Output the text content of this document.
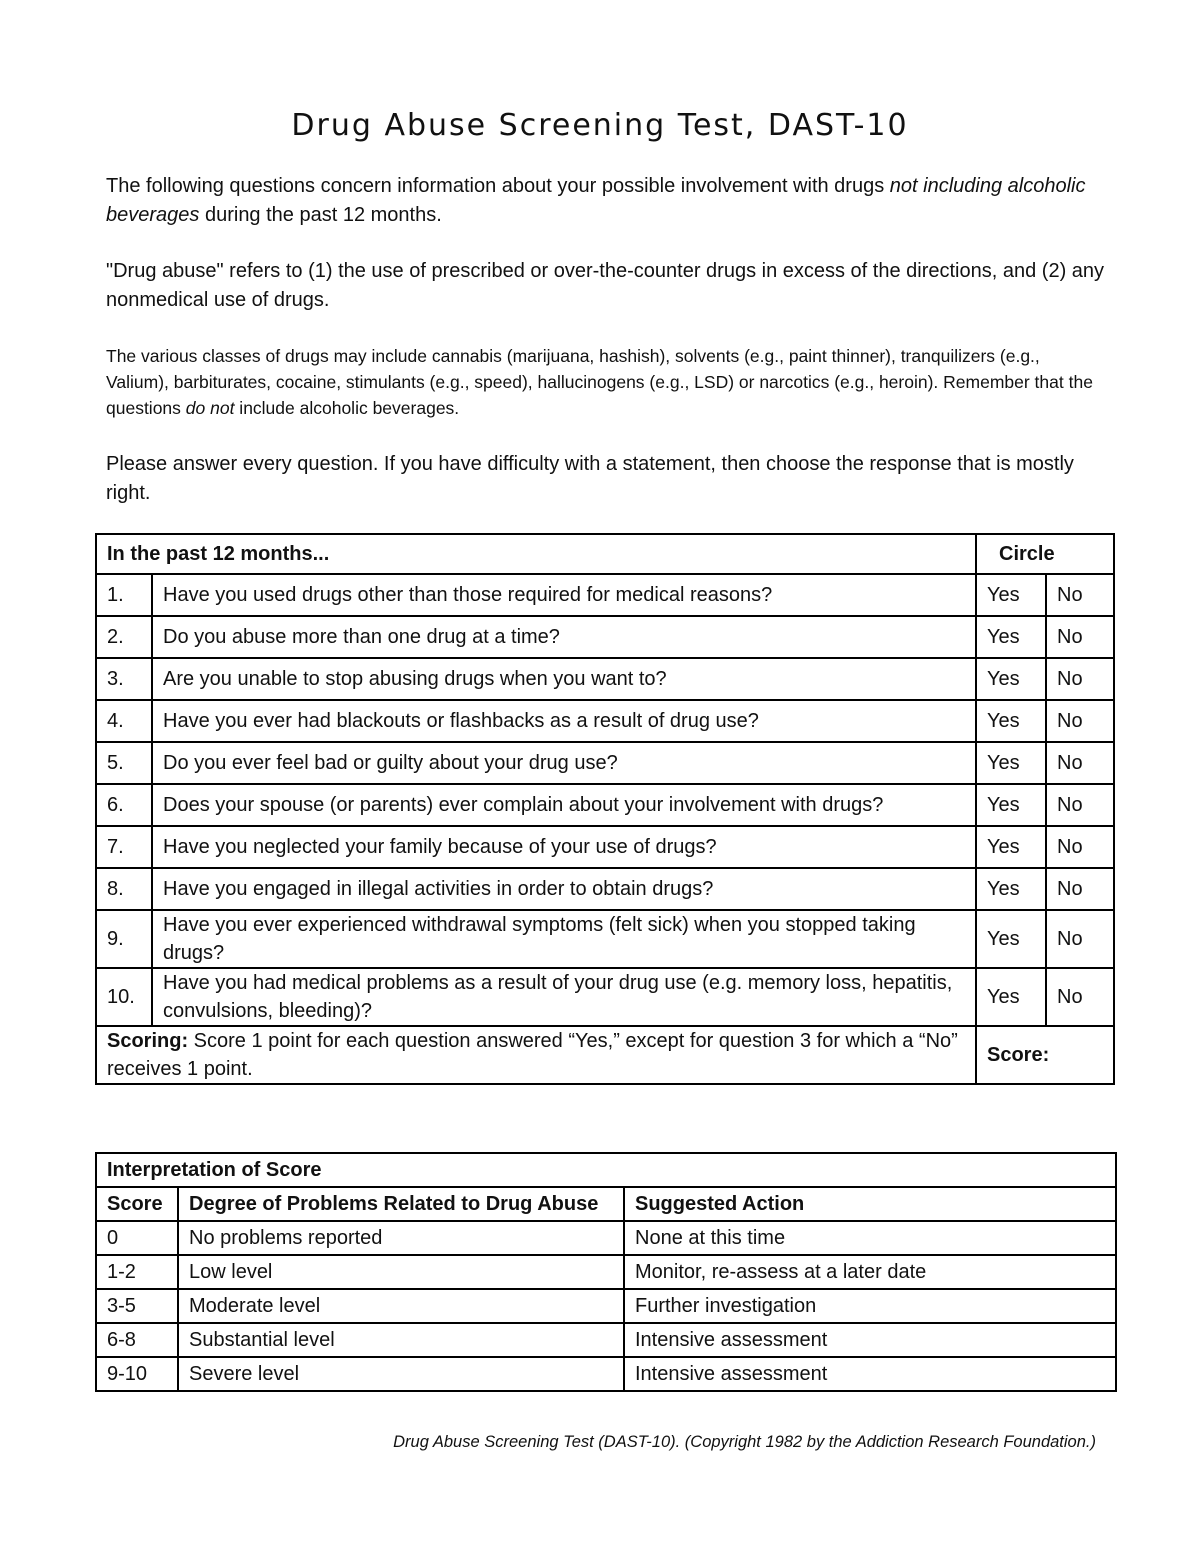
Drug Abuse Screening Test, DAST-10
The following questions concern information about your possible involvement with drugs not including alcoholic beverages during the past 12 months.
"Drug abuse" refers to (1) the use of prescribed or over-the-counter drugs in excess of the directions, and (2) any nonmedical use of drugs.
The various classes of drugs may include cannabis (marijuana, hashish), solvents (e.g., paint thinner), tranquilizers (e.g., Valium), barbiturates, cocaine, stimulants (e.g., speed), hallucinogens (e.g., LSD) or narcotics (e.g., heroin). Remember that the questions do not include alcoholic beverages.
Please answer every question. If you have difficulty with a statement, then choose the response that is mostly right.
In the past 12 months...		Circle	
1.	Have you used drugs other than those required for medical reasons?	Yes	No
2.	Do you abuse more than one drug at a time?	Yes	No
3.	Are you unable to stop abusing drugs when you want to?	Yes	No
4.	Have you ever had blackouts or flashbacks as a result of drug use?	Yes	No
5.	Do you ever feel bad or guilty about your drug use?	Yes	No
6.	Does your spouse (or parents) ever complain about your involvement with drugs?	Yes	No
7.	Have you neglected your family because of your use of drugs?	Yes	No
8.	Have you engaged in illegal activities in order to obtain drugs?	Yes	No
9.	Have you ever experienced withdrawal symptoms (felt sick) when you stopped taking drugs?	Yes	No
10.	Have you had medical problems as a result of your drug use (e.g. memory loss, hepatitis, convulsions, bleeding)?	Yes	No
Scoring: Score 1 point for each question answered “Yes,” except for question 3 for which a “No” receives 1 point.		Score:	
Interpretation of Score		
Score	Degree of Problems Related to Drug Abuse	Suggested Action
0	No problems reported	None at this time
1-2	Low level	Monitor, re-assess at a later date
3-5	Moderate level	Further investigation
6-8	Substantial level	Intensive assessment
9-10	Severe level	Intensive assessment
Drug Abuse Screening Test (DAST-10). (Copyright 1982 by the Addiction Research Foundation.)
